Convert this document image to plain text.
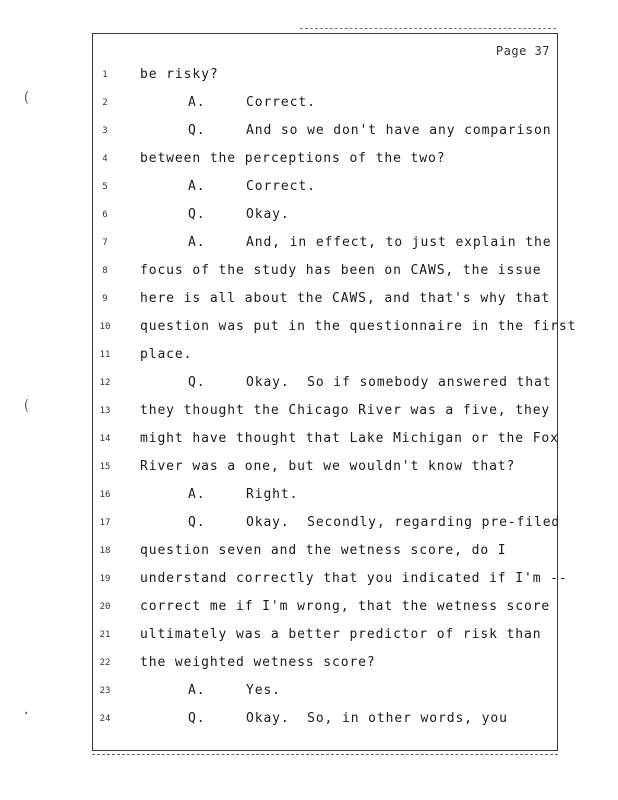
(
(
·
Page 37
1	be risky?
2	A.	Correct.
3	Q.	And so we don't have any comparison
4	between the perceptions of the two?
5	A.	Correct.
6	Q.	Okay.
7	A.	And, in effect, to just explain the
8	focus of the study has been on CAWS, the issue
9	here is all about the CAWS, and that's why that
10	question was put in the questionnaire in the first
11	place.
12	Q.	Okay.  So if somebody answered that
13	they thought the Chicago River was a five, they
14	might have thought that Lake Michigan or the Fox
15	River was a one, but we wouldn't know that?
16	A.	Right.
17	Q.	Okay.  Secondly, regarding pre-filed
18	question seven and the wetness score, do I
19	understand correctly that you indicated if I'm --
20	correct me if I'm wrong, that the wetness score
21	ultimately was a better predictor of risk than
22	the weighted wetness score?
23	A.	Yes.
24	Q.	Okay.  So, in other words, you
